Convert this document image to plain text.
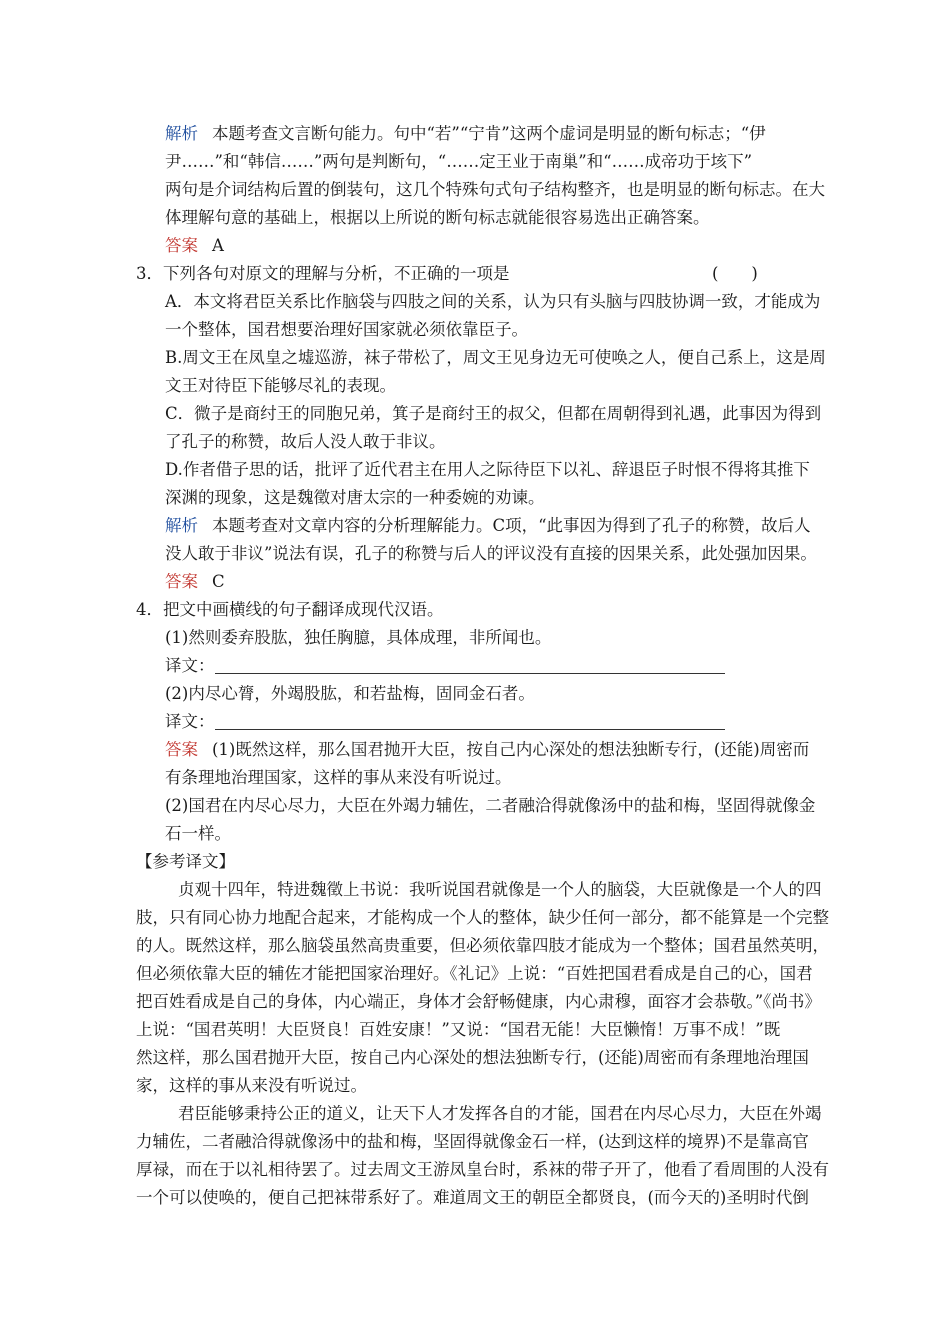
解析 本题考查文言断句能力。句中“若”“宁肯”这两个虚词是明显的断句标志；“伊
尹……”和“韩信……”两句是判断句，“……定王业于南巢”和“……成帝功于垓下”
两句是介词结构后置的倒装句，这几个特殊句式句子结构整齐，也是明显的断句标志。在大
体理解句意的基础上，根据以上所说的断句标志就能很容易选出正确答案。
答案 A
3．下列各句对原文的理解与分析，不正确的一项是	(　　)
A．本文将君臣关系比作脑袋与四肢之间的关系，认为只有头脑与四肢协调一致，才能成为
一个整体，国君想要治理好国家就必须依靠臣子。
B.周文王在凤皇之墟巡游，袜子带松了，周文王见身边无可使唤之人，便自己系上，这是周
文王对待臣下能够尽礼的表现。
C．微子是商纣王的同胞兄弟，箕子是商纣王的叔父，但都在周朝得到礼遇，此事因为得到
了孔子的称赞，故后人没人敢于非议。
D.作者借子思的话，批评了近代君主在用人之际待臣下以礼、辞退臣子时恨不得将其推下
深渊的现象，这是魏徵对唐太宗的一种委婉的劝谏。
解析 本题考查对文章内容的分析理解能力。C项，“此事因为得到了孔子的称赞，故后人
没人敢于非议”说法有误，孔子的称赞与后人的评议没有直接的因果关系，此处强加因果。
答案 C
4．把文中画横线的句子翻译成现代汉语。
(1)然则委弃股肱，独任胸臆，具体成理，非所闻也。
译文：
(2)内尽心膂，外竭股肱，和若盐梅，固同金石者。
译文：
答案 (1)既然这样，那么国君抛开大臣，按自己内心深处的想法独断专行，(还能)周密而
有条理地治理国家，这样的事从来没有听说过。
(2)国君在内尽心尽力，大臣在外竭力辅佐，二者融洽得就像汤中的盐和梅，坚固得就像金
石一样。
【参考译文】
贞观十四年，特进魏徵上书说：我听说国君就像是一个人的脑袋，大臣就像是一个人的四
肢，只有同心协力地配合起来，才能构成一个人的整体，缺少任何一部分，都不能算是一个完整
的人。既然这样，那么脑袋虽然高贵重要，但必须依靠四肢才能成为一个整体；国君虽然英明，
但必须依靠大臣的辅佐才能把国家治理好。《礼记》上说：“百姓把国君看成是自己的心，国君
把百姓看成是自己的身体，内心端正，身体才会舒畅健康，内心肃穆，面容才会恭敬。”《尚书》
上说：“国君英明！大臣贤良！百姓安康！”又说：“国君无能！大臣懒惰！万事不成！”既
然这样，那么国君抛开大臣，按自己内心深处的想法独断专行，(还能)周密而有条理地治理国
家，这样的事从来没有听说过。
君臣能够秉持公正的道义，让天下人才发挥各自的才能，国君在内尽心尽力，大臣在外竭
力辅佐，二者融洽得就像汤中的盐和梅，坚固得就像金石一样，(达到这样的境界)不是靠高官
厚禄，而在于以礼相待罢了。过去周文王游凤皇台时，系袜的带子开了，他看了看周围的人没有
一个可以使唤的，便自己把袜带系好了。难道周文王的朝臣全都贤良，(而今天的)圣明时代倒
